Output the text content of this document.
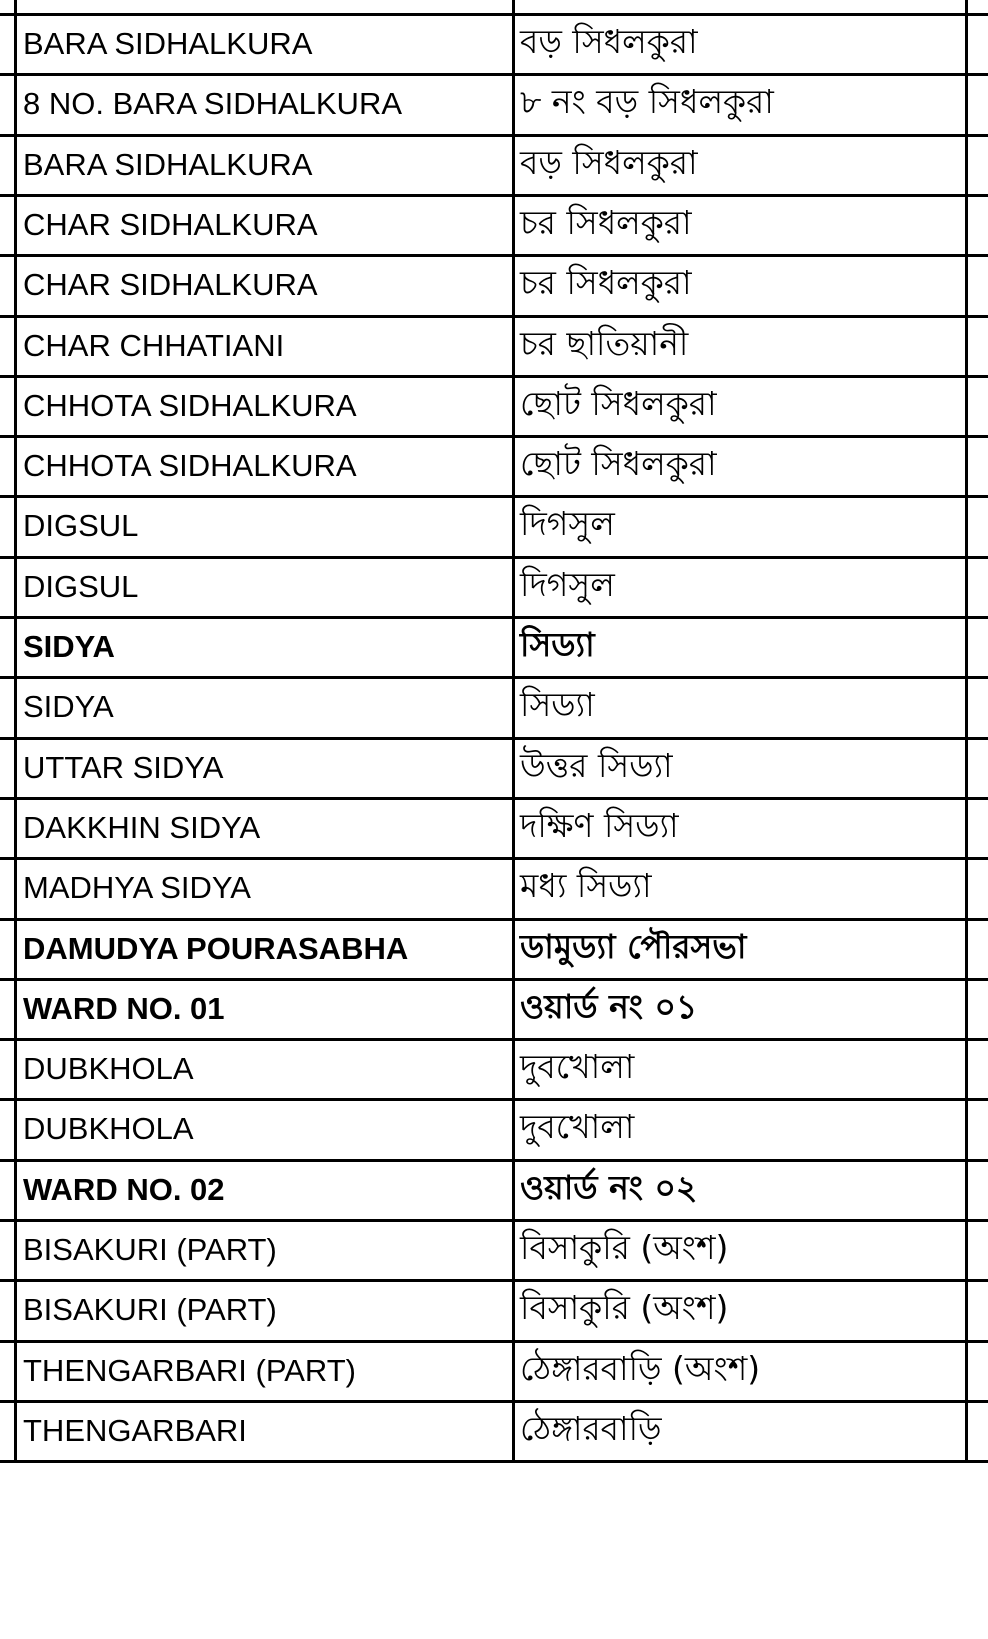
BARA SIDHALKURA	বড় সিধলকুরা
8 NO. BARA SIDHALKURA	৮ নং বড় সিধলকুরা
BARA SIDHALKURA	বড় সিধলকুরা
CHAR SIDHALKURA	চর সিধলকুরা
CHAR SIDHALKURA	চর সিধলকুরা
CHAR CHHATIANI	চর ছাতিয়ানী
CHHOTA SIDHALKURA	ছোট সিধলকুরা
CHHOTA SIDHALKURA	ছোট সিধলকুরা
DIGSUL	দিগসুল
DIGSUL	দিগসুল
SIDYA	সিড্যা
SIDYA	সিড্যা
UTTAR SIDYA	উত্তর সিড্যা
DAKKHIN SIDYA	দক্ষিণ সিড্যা
MADHYA SIDYA	মধ্য সিড্যা
DAMUDYA POURASABHA	ডামুড্যা পৌরসভা
WARD NO. 01	ওয়ার্ড নং ০১
DUBKHOLA	দুবখোলা
DUBKHOLA	দুবখোলা
WARD NO. 02	ওয়ার্ড নং ০২
BISAKURI (PART)	বিসাকুরি (অংশ)
BISAKURI (PART)	বিসাকুরি (অংশ)
THENGARBARI (PART)	ঠেঙ্গারবাড়ি (অংশ)
THENGARBARI	ঠেঙ্গারবাড়ি
